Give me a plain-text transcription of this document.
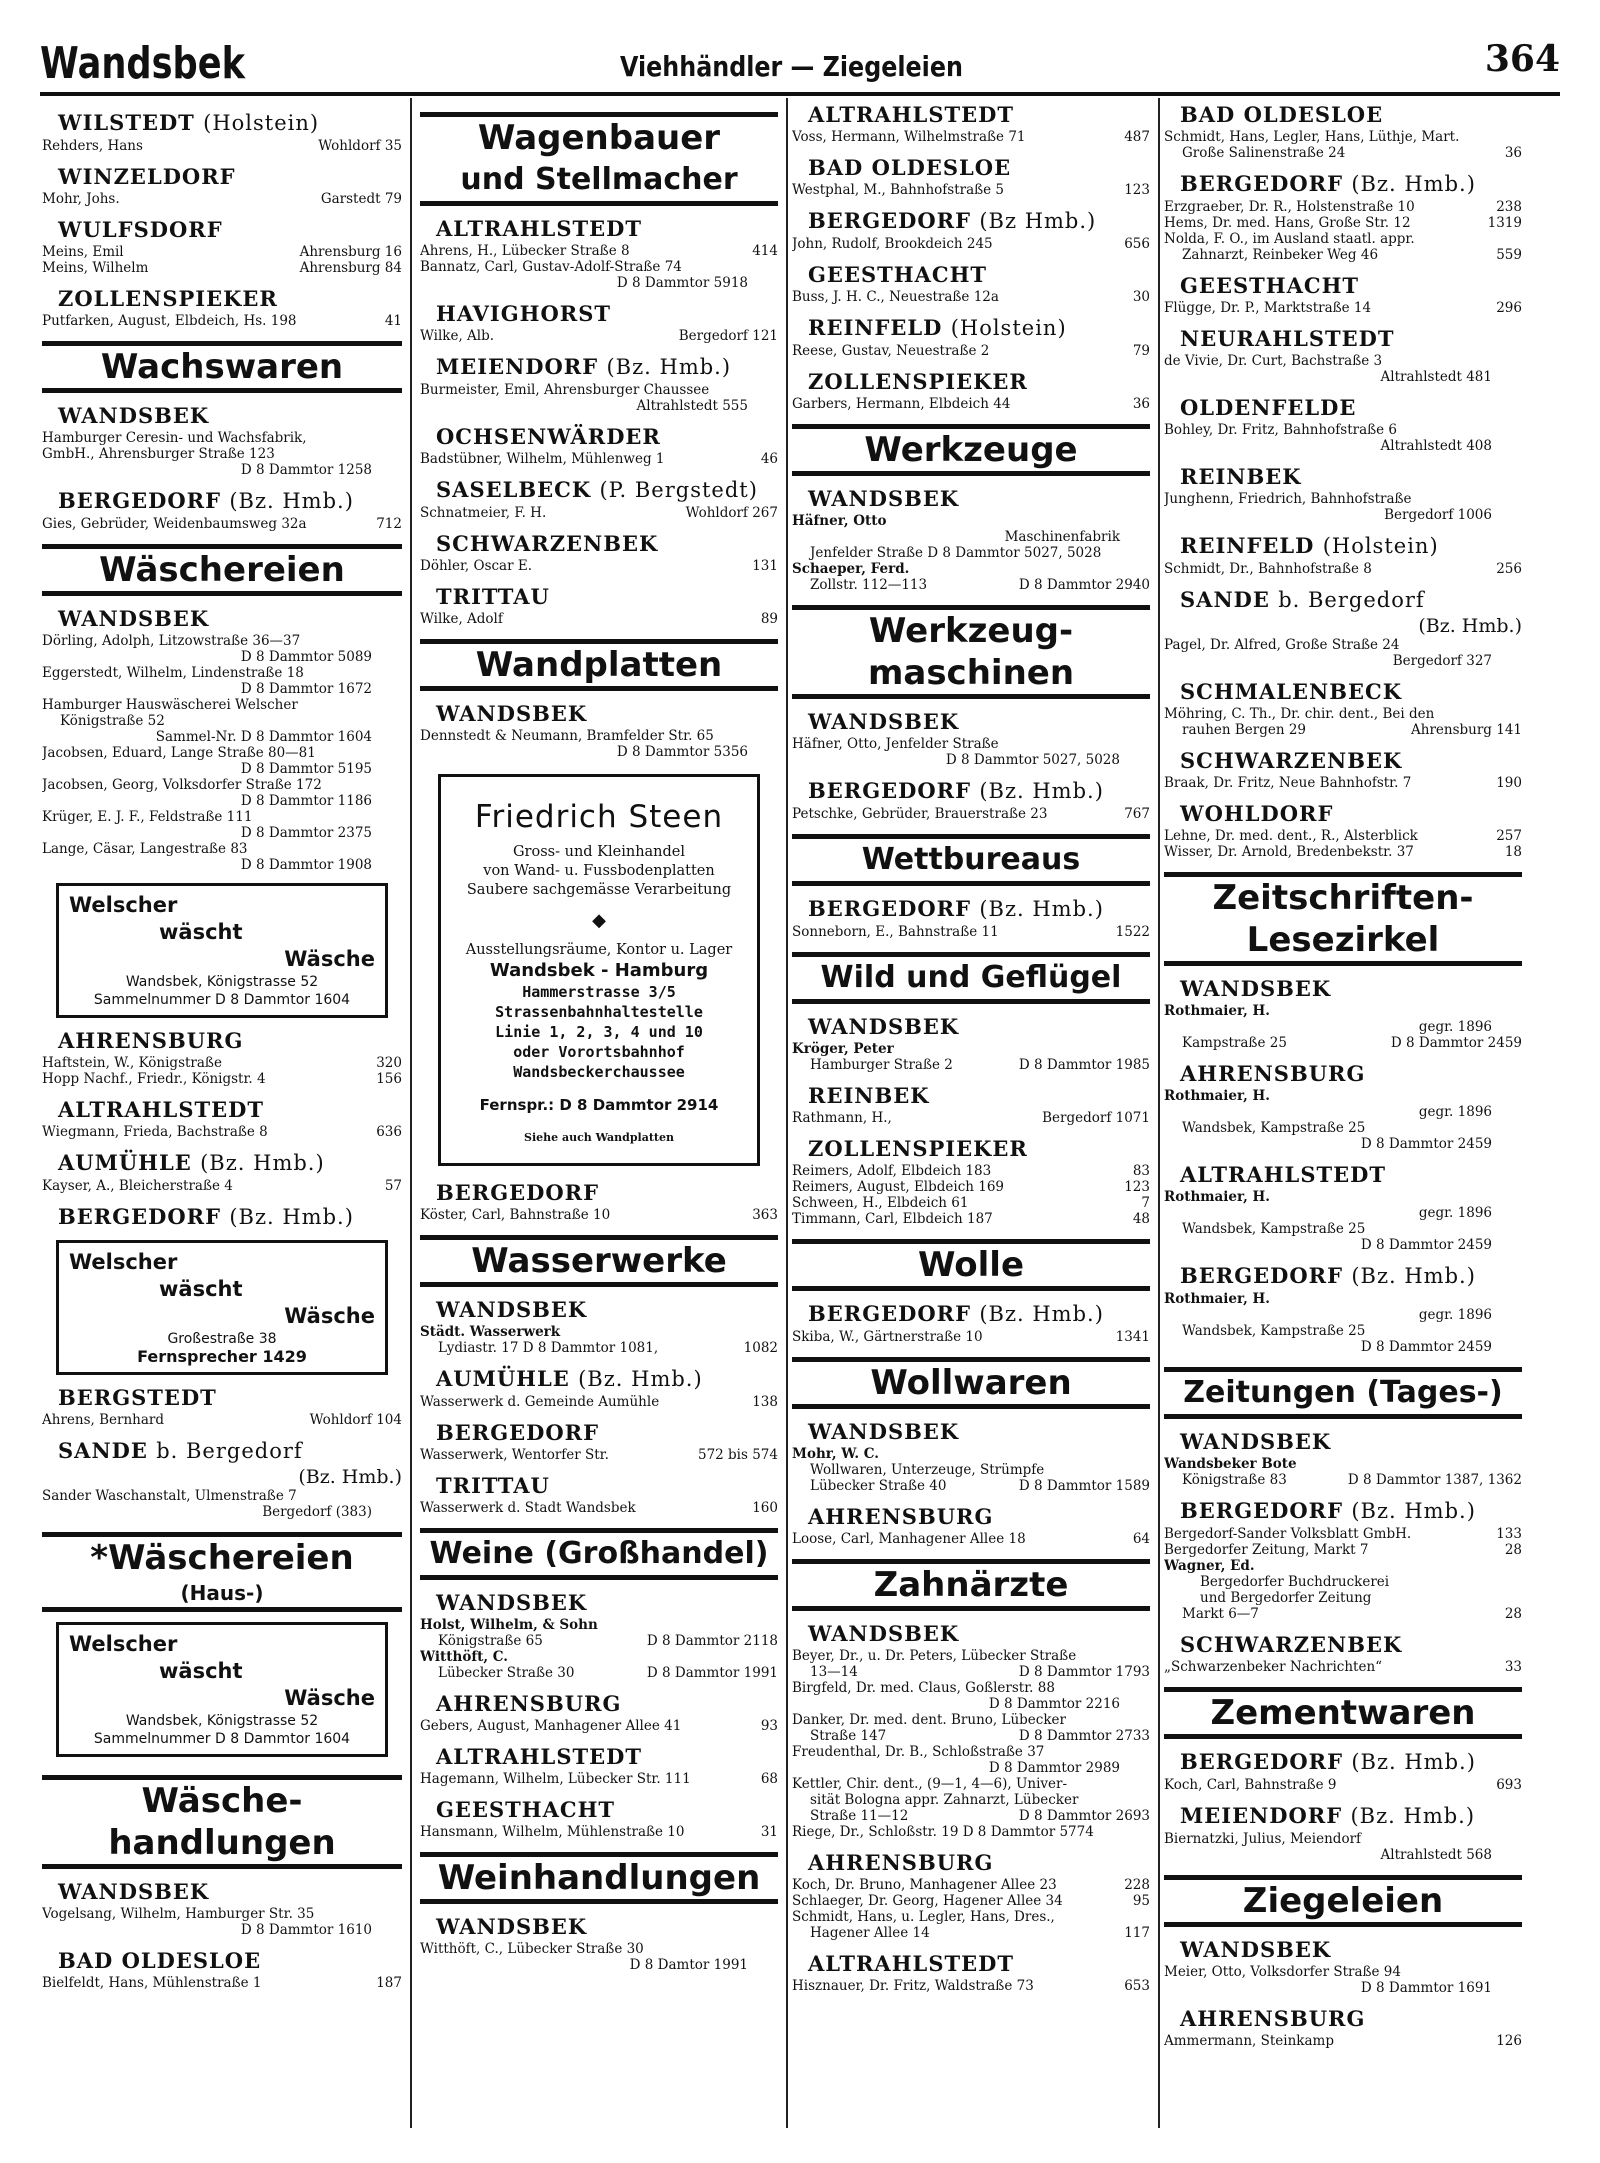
Wandsbek	Viehhändler — Ziegeleien	364
WILSTEDT (Holstein)
Rehders, Hans	Wohldorf 35
WINZELDORF
Mohr, Johs.	Garstedt 79
WULFSDORF
Meins, Emil	Ahrensburg 16
Meins, Wilhelm	Ahrensburg 84
ZOLLENSPIEKER
Putfarken, August, Elbdeich, Hs. 198	41
Wachswaren
WANDSBEK
Hamburger Ceresin- und Wachsfabrik,
GmbH., Ahrensburger Straße 123
D 8 Dammtor 1258
BERGEDORF (Bz. Hmb.)
Gies, Gebrüder, Weidenbaumsweg 32a	712
Wäschereien
WANDSBEK
Dörling, Adolph, Litzowstraße 36—37
D 8 Dammtor 5089
Eggerstedt, Wilhelm, Lindenstraße 18
D 8 Dammtor 1672
Hamburger Hauswäscherei Welscher
Königstraße 52
Sammel-Nr. D 8 Dammtor 1604
Jacobsen, Eduard, Lange Straße 80—81
D 8 Dammtor 5195
Jacobsen, Georg, Volksdorfer Straße 172
D 8 Dammtor 1186
Krüger, E. J. F., Feldstraße 111
D 8 Dammtor 2375
Lange, Cäsar, Langestraße 83
D 8 Dammtor 1908
Welscher
wäscht
Wäsche
Wandsbek, Königstrasse 52
Sammelnummer D 8 Dammtor 1604
AHRENSBURG
Haftstein, W., Königstraße	320
Hopp Nachf., Friedr., Königstr. 4	156
ALTRAHLSTEDT
Wiegmann, Frieda, Bachstraße 8	636
AUMÜHLE (Bz. Hmb.)
Kayser, A., Bleicherstraße 4	57
BERGEDORF (Bz. Hmb.)
Welscher
wäscht
Wäsche
Großestraße 38
Fernsprecher 1429
BERGSTEDT
Ahrens, Bernhard	Wohldorf 104
SANDE b. Bergedorf
(Bz. Hmb.)
Sander Waschanstalt, Ulmenstraße 7
Bergedorf (383)
*Wäschereien
(Haus-)
Welscher
wäscht
Wäsche
Wandsbek, Königstrasse 52
Sammelnummer D 8 Dammtor 1604
Wäsche-
handlungen
WANDSBEK
Vogelsang, Wilhelm, Hamburger Str. 35
D 8 Dammtor 1610
BAD OLDESLOE
Bielfeldt, Hans, Mühlenstraße 1	187
Wagenbauer
und Stellmacher
ALTRAHLSTEDT
Ahrens, H., Lübecker Straße 8	414
Bannatz, Carl, Gustav-Adolf-Straße 74
D 8 Dammtor 5918
HAVIGHORST
Wilke, Alb.	Bergedorf 121
MEIENDORF (Bz. Hmb.)
Burmeister, Emil, Ahrensburger Chaussee
Altrahlstedt 555
OCHSENWÄRDER
Badstübner, Wilhelm, Mühlenweg 1	46
SASELBECK (P. Bergstedt)
Schnatmeier, F. H.	Wohldorf 267
SCHWARZENBEK
Döhler, Oscar E.	131
TRITTAU
Wilke, Adolf	89
Wandplatten
WANDSBEK
Dennstedt & Neumann, Bramfelder Str. 65
D 8 Dammtor 5356
Friedrich Steen
Gross- und Kleinhandel
von Wand- u. Fussbodenplatten
Saubere sachgemässe Verarbeitung
◆
Ausstellungsräume, Kontor u. Lager
Wandsbek - Hamburg
Hammerstrasse 3/5
Strassenbahnhaltestelle
Linie 1, 2, 3, 4 und 10
oder Vorortsbahnhof
Wandsbeckerchaussee
Fernspr.: D 8 Dammtor 2914
Siehe auch Wandplatten
BERGEDORF
Köster, Carl, Bahnstraße 10	363
Wasserwerke
WANDSBEK
Städt. Wasserwerk
Lydiastr. 17 D 8 Dammtor 1081,	1082
AUMÜHLE (Bz. Hmb.)
Wasserwerk d. Gemeinde Aumühle	138
BERGEDORF
Wasserwerk, Wentorfer Str.	572 bis 574
TRITTAU
Wasserwerk d. Stadt Wandsbek	160
Weine (Großhandel)
WANDSBEK
Holst, Wilhelm, & Sohn
Königstraße 65	D 8 Dammtor 2118
Witthöft, C.
Lübecker Straße 30	D 8 Dammtor 1991
AHRENSBURG
Gebers, August, Manhagener Allee 41	93
ALTRAHLSTEDT
Hagemann, Wilhelm, Lübecker Str. 111	68
GEESTHACHT
Hansmann, Wilhelm, Mühlenstraße 10	31
Weinhandlungen
WANDSBEK
Witthöft, C., Lübecker Straße 30
D 8 Damtor 1991
ALTRAHLSTEDT
Voss, Hermann, Wilhelmstraße 71	487
BAD OLDESLOE
Westphal, M., Bahnhofstraße 5	123
BERGEDORF (Bz Hmb.)
John, Rudolf, Brookdeich 245	656
GEESTHACHT
Buss, J. H. C., Neuestraße 12a	30
REINFELD (Holstein)
Reese, Gustav, Neuestraße 2	79
ZOLLENSPIEKER
Garbers, Hermann, Elbdeich 44	36
Werkzeuge
WANDSBEK
Häfner, Otto
Maschinenfabrik
Jenfelder Straße D 8 Dammtor 5027, 5028
Schaeper, Ferd.
Zollstr. 112—113	D 8 Dammtor 2940
Werkzeug-
maschinen
WANDSBEK
Häfner, Otto, Jenfelder Straße
D 8 Dammtor 5027, 5028
BERGEDORF (Bz. Hmb.)
Petschke, Gebrüder, Brauerstraße 23	767
Wettbureaus
BERGEDORF (Bz. Hmb.)
Sonneborn, E., Bahnstraße 11	1522
Wild und Geflügel
WANDSBEK
Kröger, Peter
Hamburger Straße 2	D 8 Dammtor 1985
REINBEK
Rathmann, H.,	Bergedorf 1071
ZOLLENSPIEKER
Reimers, Adolf, Elbdeich 183	83
Reimers, August, Elbdeich 169	123
Schween, H., Elbdeich 61	7
Timmann, Carl, Elbdeich 187	48
Wolle
BERGEDORF (Bz. Hmb.)
Skiba, W., Gärtnerstraße 10	1341
Wollwaren
WANDSBEK
Mohr, W. C.
Wollwaren, Unterzeuge, Strümpfe
Lübecker Straße 40	D 8 Dammtor 1589
AHRENSBURG
Loose, Carl, Manhagener Allee 18	64
Zahnärzte
WANDSBEK
Beyer, Dr., u. Dr. Peters, Lübecker Straße
13—14	D 8 Dammtor 1793
Birgfeld, Dr. med. Claus, Goßlerstr. 88
D 8 Dammtor 2216
Danker, Dr. med. dent. Bruno, Lübecker
Straße 147	D 8 Dammtor 2733
Freudenthal, Dr. B., Schloßstraße 37
D 8 Dammtor 2989
Kettler, Chir. dent., (9—1, 4—6), Univer-
sität Bologna appr. Zahnarzt, Lübecker
Straße 11—12	D 8 Dammtor 2693
Riege, Dr., Schloßstr. 19 D 8 Dammtor 5774
AHRENSBURG
Koch, Dr. Bruno, Manhagener Allee 23	228
Schlaeger, Dr. Georg, Hagener Allee 34	95
Schmidt, Hans, u. Legler, Hans, Dres.,
Hagener Allee 14	117
ALTRAHLSTEDT
Hisznauer, Dr. Fritz, Waldstraße 73	653
BAD OLDESLOE
Schmidt, Hans, Legler, Hans, Lüthje, Mart.
Große Salinenstraße 24	36
BERGEDORF (Bz. Hmb.)
Erzgraeber, Dr. R., Holstenstraße 10	238
Hems, Dr. med. Hans, Große Str. 12	1319
Nolda, F. O., im Ausland staatl. appr.
Zahnarzt, Reinbeker Weg 46	559
GEESTHACHT
Flügge, Dr. P., Marktstraße 14	296
NEURAHLSTEDT
de Vivie, Dr. Curt, Bachstraße 3
Altrahlstedt 481
OLDENFELDE
Bohley, Dr. Fritz, Bahnhofstraße 6
Altrahlstedt 408
REINBEK
Junghenn, Friedrich, Bahnhofstraße
Bergedorf 1006
REINFELD (Holstein)
Schmidt, Dr., Bahnhofstraße 8	256
SANDE b. Bergedorf
(Bz. Hmb.)
Pagel, Dr. Alfred, Große Straße 24
Bergedorf 327
SCHMALENBECK
Möhring, C. Th., Dr. chir. dent., Bei den
rauhen Bergen 29	Ahrensburg 141
SCHWARZENBEK
Braak, Dr. Fritz, Neue Bahnhofstr. 7	190
WOHLDORF
Lehne, Dr. med. dent., R., Alsterblick	257
Wisser, Dr. Arnold, Bredenbekstr. 37	18
Zeitschriften-
Lesezirkel
WANDSBEK
Rothmaier, H.
gegr. 1896
Kampstraße 25	D 8 Dammtor 2459
AHRENSBURG
Rothmaier, H.
gegr. 1896
Wandsbek, Kampstraße 25
D 8 Dammtor 2459
ALTRAHLSTEDT
Rothmaier, H.
gegr. 1896
Wandsbek, Kampstraße 25
D 8 Dammtor 2459
BERGEDORF (Bz. Hmb.)
Rothmaier, H.
gegr. 1896
Wandsbek, Kampstraße 25
D 8 Dammtor 2459
Zeitungen (Tages-)
WANDSBEK
Wandsbeker Bote
Königstraße 83	D 8 Dammtor 1387, 1362
BERGEDORF (Bz. Hmb.)
Bergedorf-Sander Volksblatt GmbH.	133
Bergedorfer Zeitung, Markt 7	28
Wagner, Ed.
Bergedorfer Buchdruckerei
und Bergedorfer Zeitung
Markt 6—7	28
SCHWARZENBEK
„Schwarzenbeker Nachrichten“	33
Zementwaren
BERGEDORF (Bz. Hmb.)
Koch, Carl, Bahnstraße 9	693
MEIENDORF (Bz. Hmb.)
Biernatzki, Julius, Meiendorf
Altrahlstedt 568
Ziegeleien
WANDSBEK
Meier, Otto, Volksdorfer Straße 94
D 8 Dammtor 1691
AHRENSBURG
Ammermann, Steinkamp	126
